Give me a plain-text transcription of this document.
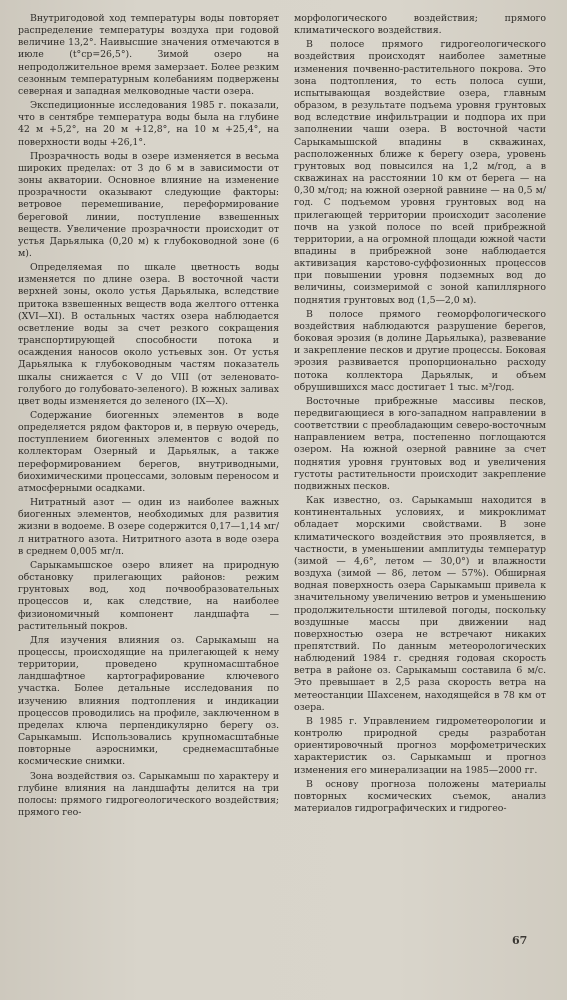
Внутригодовой ход температуры воды повторяет распределение температуры воздуха при годовой величине 13,2°. Наивысшие значения отмечаются в июле (t°ср=26,5°). Зимой озеро на непродолжительное время замерзает. Более резким сезонным температурным колебаниям подвержены северная и западная мелководные части озера.

Экспедиционные исследования 1985 г. показали, что в сентябре температура воды была на глубине 42 м +5,2°, на 20 м +12,8°, на 10 м +25,4°, на поверхности воды +26,1°.

Прозрачность воды в озере изменяется в весьма широких пределах: от 3 до 6 м в зависимости от зоны акватории. Основное влияние на изменение прозрачности оказывают следующие факторы: ветровое перемешивание, переформирование береговой линии, поступление взвешенных веществ. Увеличение прозрачности происходит от устья Дарьялыка (0,20 м) к глубоководной зоне (6 м).

Определяемая по шкале цветность воды изменяется по длине озера. В восточной части верхней зоны, около устья Дарьялыка, вследствие притока взвешенных веществ вода желтого оттенка (XVI—XI). В остальных частях озера наблюдается осветление воды за счет резкого сокращения транспортирующей способности потока и осаждения наносов около устьевых зон. От устья Дарьялыка к глубоководным частям показатель шкалы снижается с V до VIII (от зеленовато-голубого до голубовато-зеленого). В южных заливах цвет воды изменяется до зеленого (IX—X).

Содержание биогенных элементов в воде определяется рядом факторов и, в первую очередь, поступлением биогенных элементов с водой по коллекторам Озерный и Дарьялык, а также переформированием берегов, внутриводными, биохимическими процессами, золовым переносом и атмосферными осадками.

Нитратный азот — один из наиболее важных биогенных элементов, необходимых для развития жизни в водоеме. В озере содержится 0,17—1,14 мг/л нитратного азота. Нитритного азота в воде озера в среднем 0,005 мг/л.

Сарыкамышское озеро влияет на природную обстановку прилегающих районов: режим грунтовых вод, ход почвообразовательных процессов и, как следствие, на наиболее физиономичный компонент ландшафта — растительный покров.

Для изучения влияния оз. Сарыкамыш на процессы, происходящие на прилегающей к нему территории, проведено крупномасштабное ландшафтное картографирование ключевого участка. Более детальные исследования по изучению влияния подтопления и индикации процессов проводились на профиле, заключенном в пределах ключа перпендикулярно берегу оз. Сарыкамыш. Использовались крупномасштабные повторные аэроснимки, среднемасштабные космические снимки.

Зона воздействия оз. Сарыкамыш по характеру и глубине влияния на ландшафты делится на три полосы: прямого гидрогеологического воздействия; прямого гео-

морфологического воздействия; прямого климатического воздействия.

В полосе прямого гидрогеологического воздействия происходят наиболее заметные изменения почвенно-растительного покрова. Это зона подтопления, то есть полоса суши, испытывающая воздействие озера, главным образом, в результате подъема уровня грунтовых вод вследствие инфильтрации и подпора их при заполнении чаши озера. В восточной части Сарыкамышской впадины в скважинах, расположенных ближе к берегу озера, уровень грунтовых вод повысился на 1,2 м/год, а в скважинах на расстоянии 10 км от берега — на 0,30 м/год; на южной озерной равнине — на 0,5 м/год. С подъемом уровня грунтовых вод на прилегающей территории происходит засоление почв на узкой полосе по всей прибрежной территории, а на огромной площади южной части впадины в прибрежной зоне наблюдается активизация карстово-суффозионных процессов при повышении уровня подземных вод до величины, соизмеримой с зоной капиллярного поднятия грунтовых вод (1,5—2,0 м).

В полосе прямого геоморфологического воздействия наблюдаются разрушение берегов, боковая эрозия (в долине Дарьялыка), развевание и закрепление песков и другие процессы. Боковая эрозия развивается пропорционально расходу потока коллектора Дарьялык, и объем обрушившихся масс достигает 1 тыс. м³/год.

Восточные прибрежные массивы песков, передвигающиеся в юго-западном направлении в соответствии с преобладающим северо-восточным направлением ветра, постепенно поглощаются озером. На южной озерной равнине за счет поднятия уровня грунтовых вод и увеличения густоты растительности происходит закрепление подвижных песков.

Как известно, оз. Сарыкамыш находится в континентальных условиях, и микроклимат обладает морскими свойствами. В зоне климатического воздействия это проявляется, в частности, в уменьшении амплитуды температур (зимой — 4,6°, летом — 30,0°) и влажности воздуха (зимой — 86, летом — 57%). Обширная водная поверхность озера Сарыкамыш привела к значительному увеличению ветров и уменьшению продолжительности штилевой погоды, поскольку воздушные массы при движении над поверхностью озера не встречают никаких препятствий. По данным метеорологических наблюдений 1984 г. средняя годовая скорость ветра в районе оз. Сарыкамыш составила 6 м/с. Это превышает в 2,5 раза скорость ветра на метеостанции Шахсенем, находящейся в 78 км от озера.

В 1985 г. Управлением гидрометеорологии и контролю природной среды разработан ориентировочный прогноз морфометрических характеристик оз. Сарыкамыш и прогноз изменения его минерализации на 1985—2000 гг.

В основу прогноза положены материалы повторных космических съемок, анализ материалов гидрографических и гидрогео-

67
